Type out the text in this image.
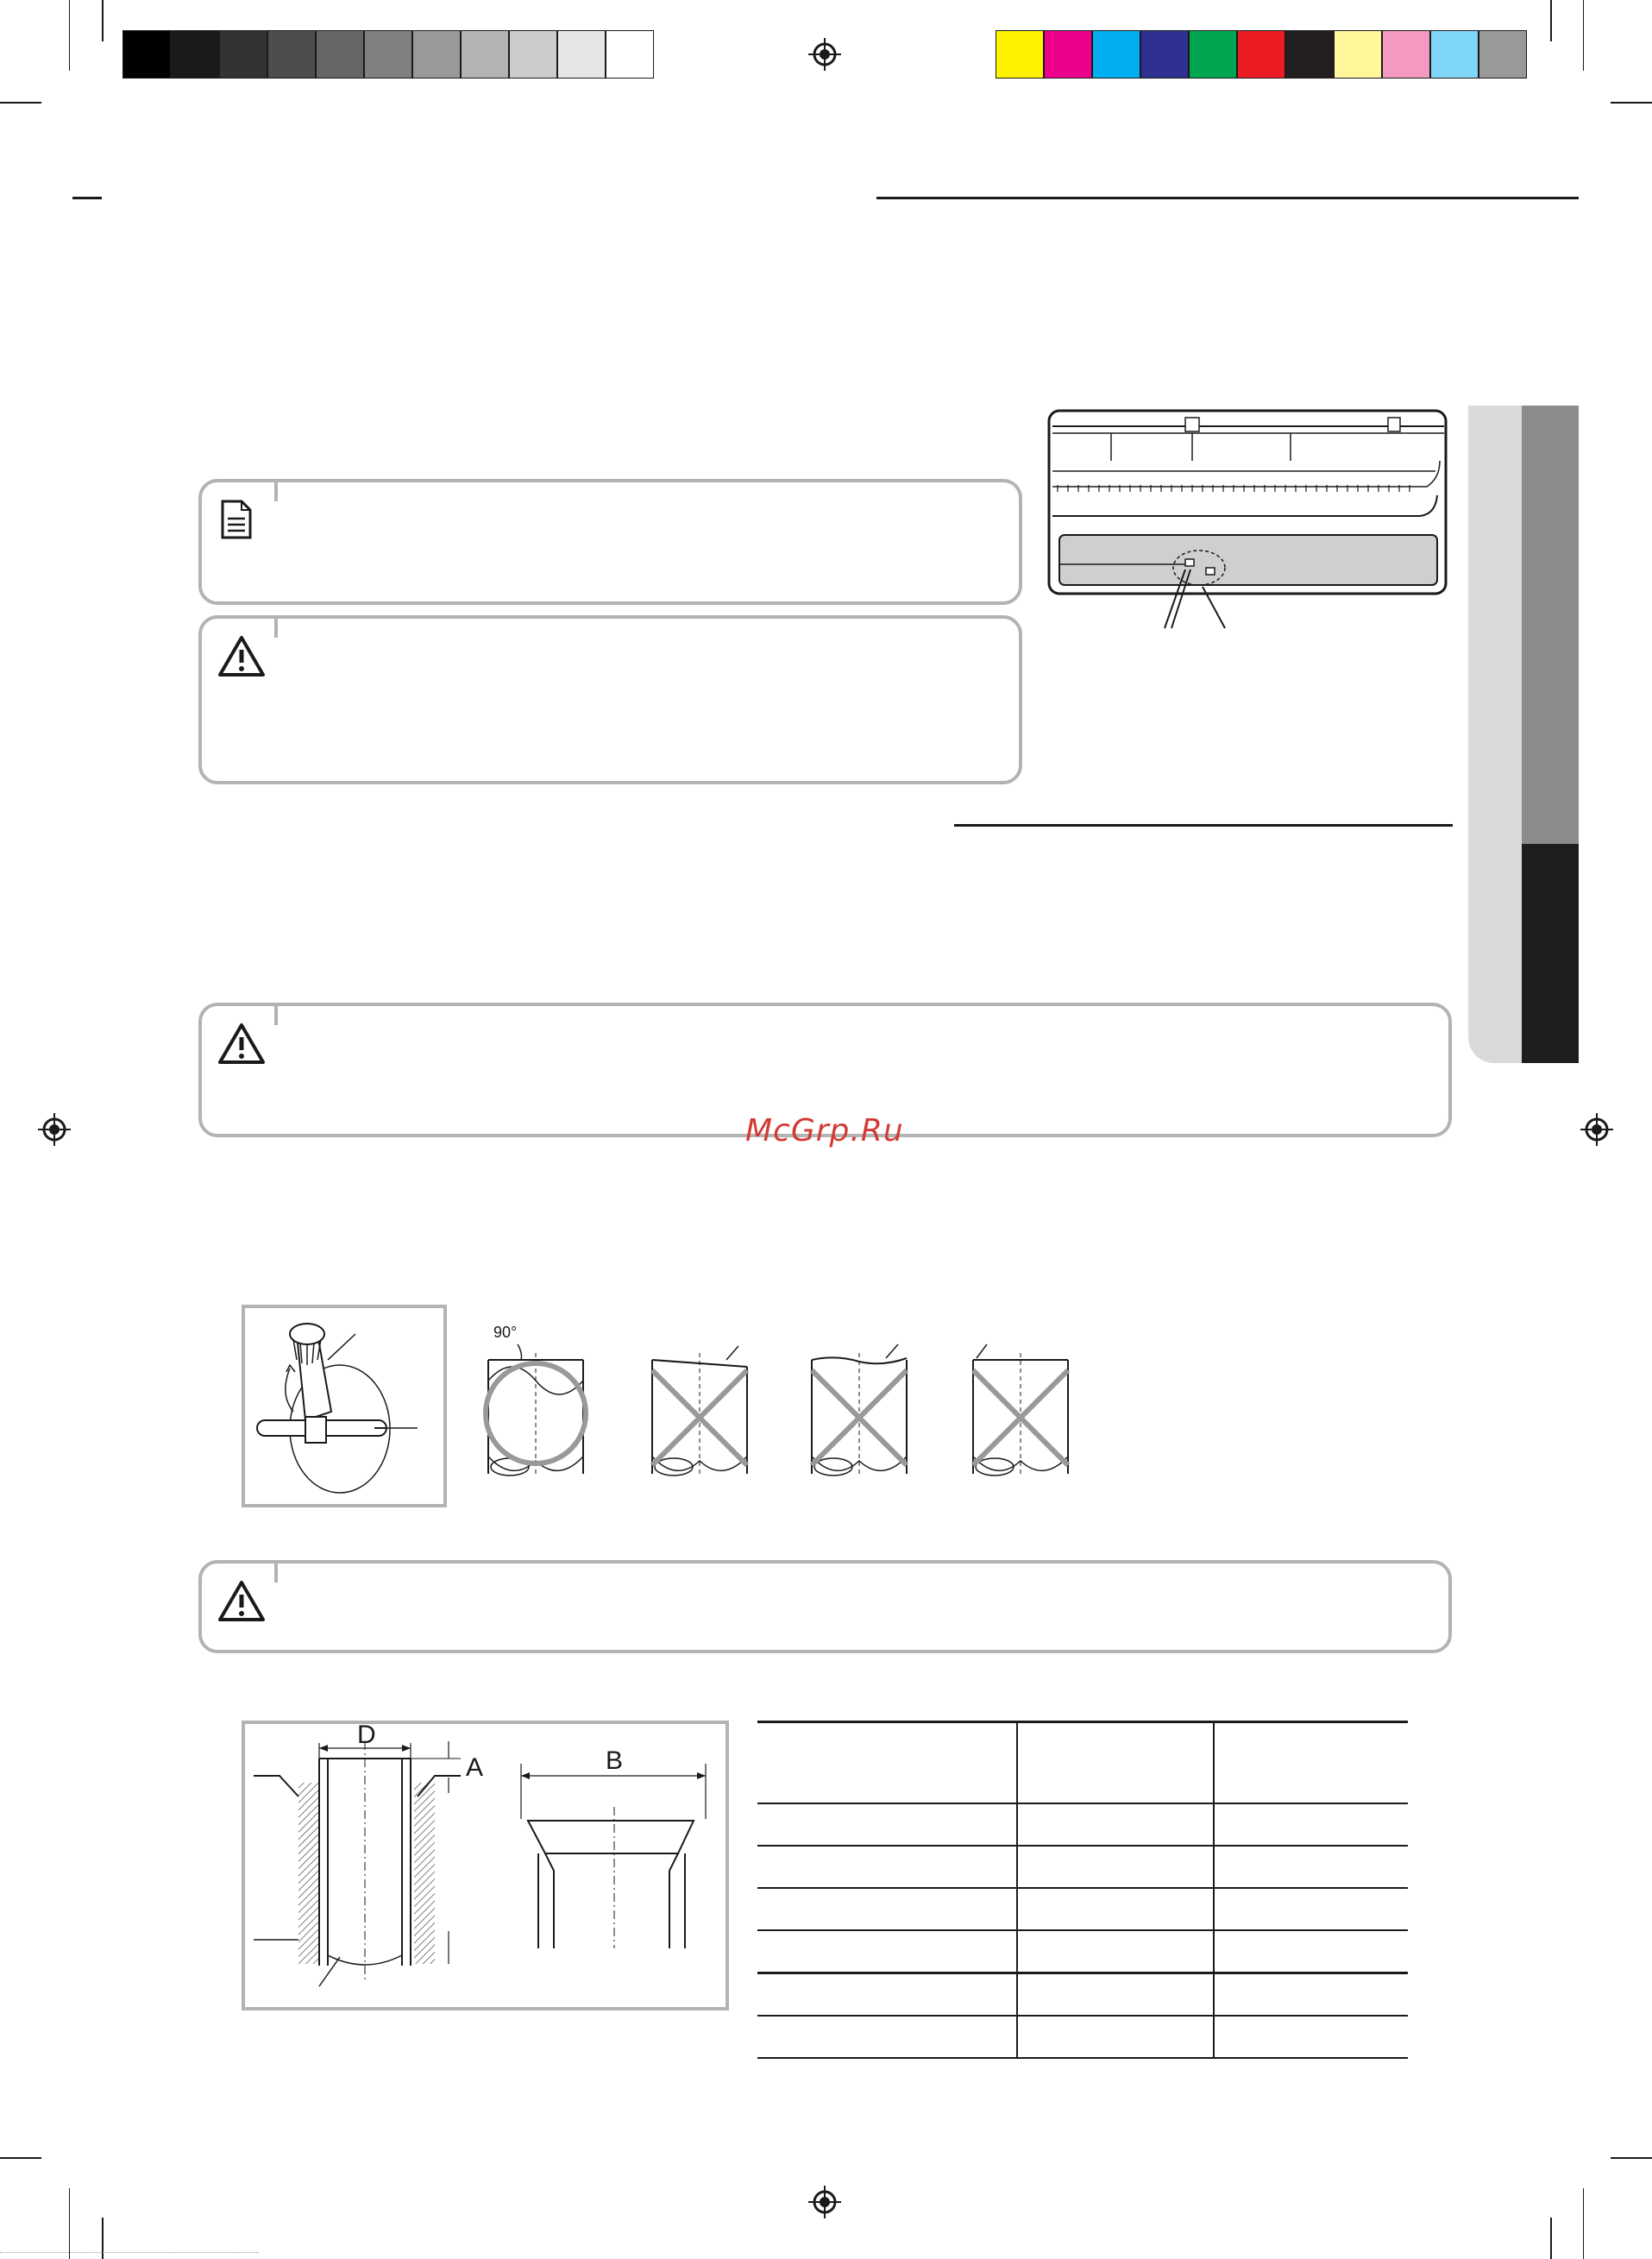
McGrp.Ru
90°
D
A	B
